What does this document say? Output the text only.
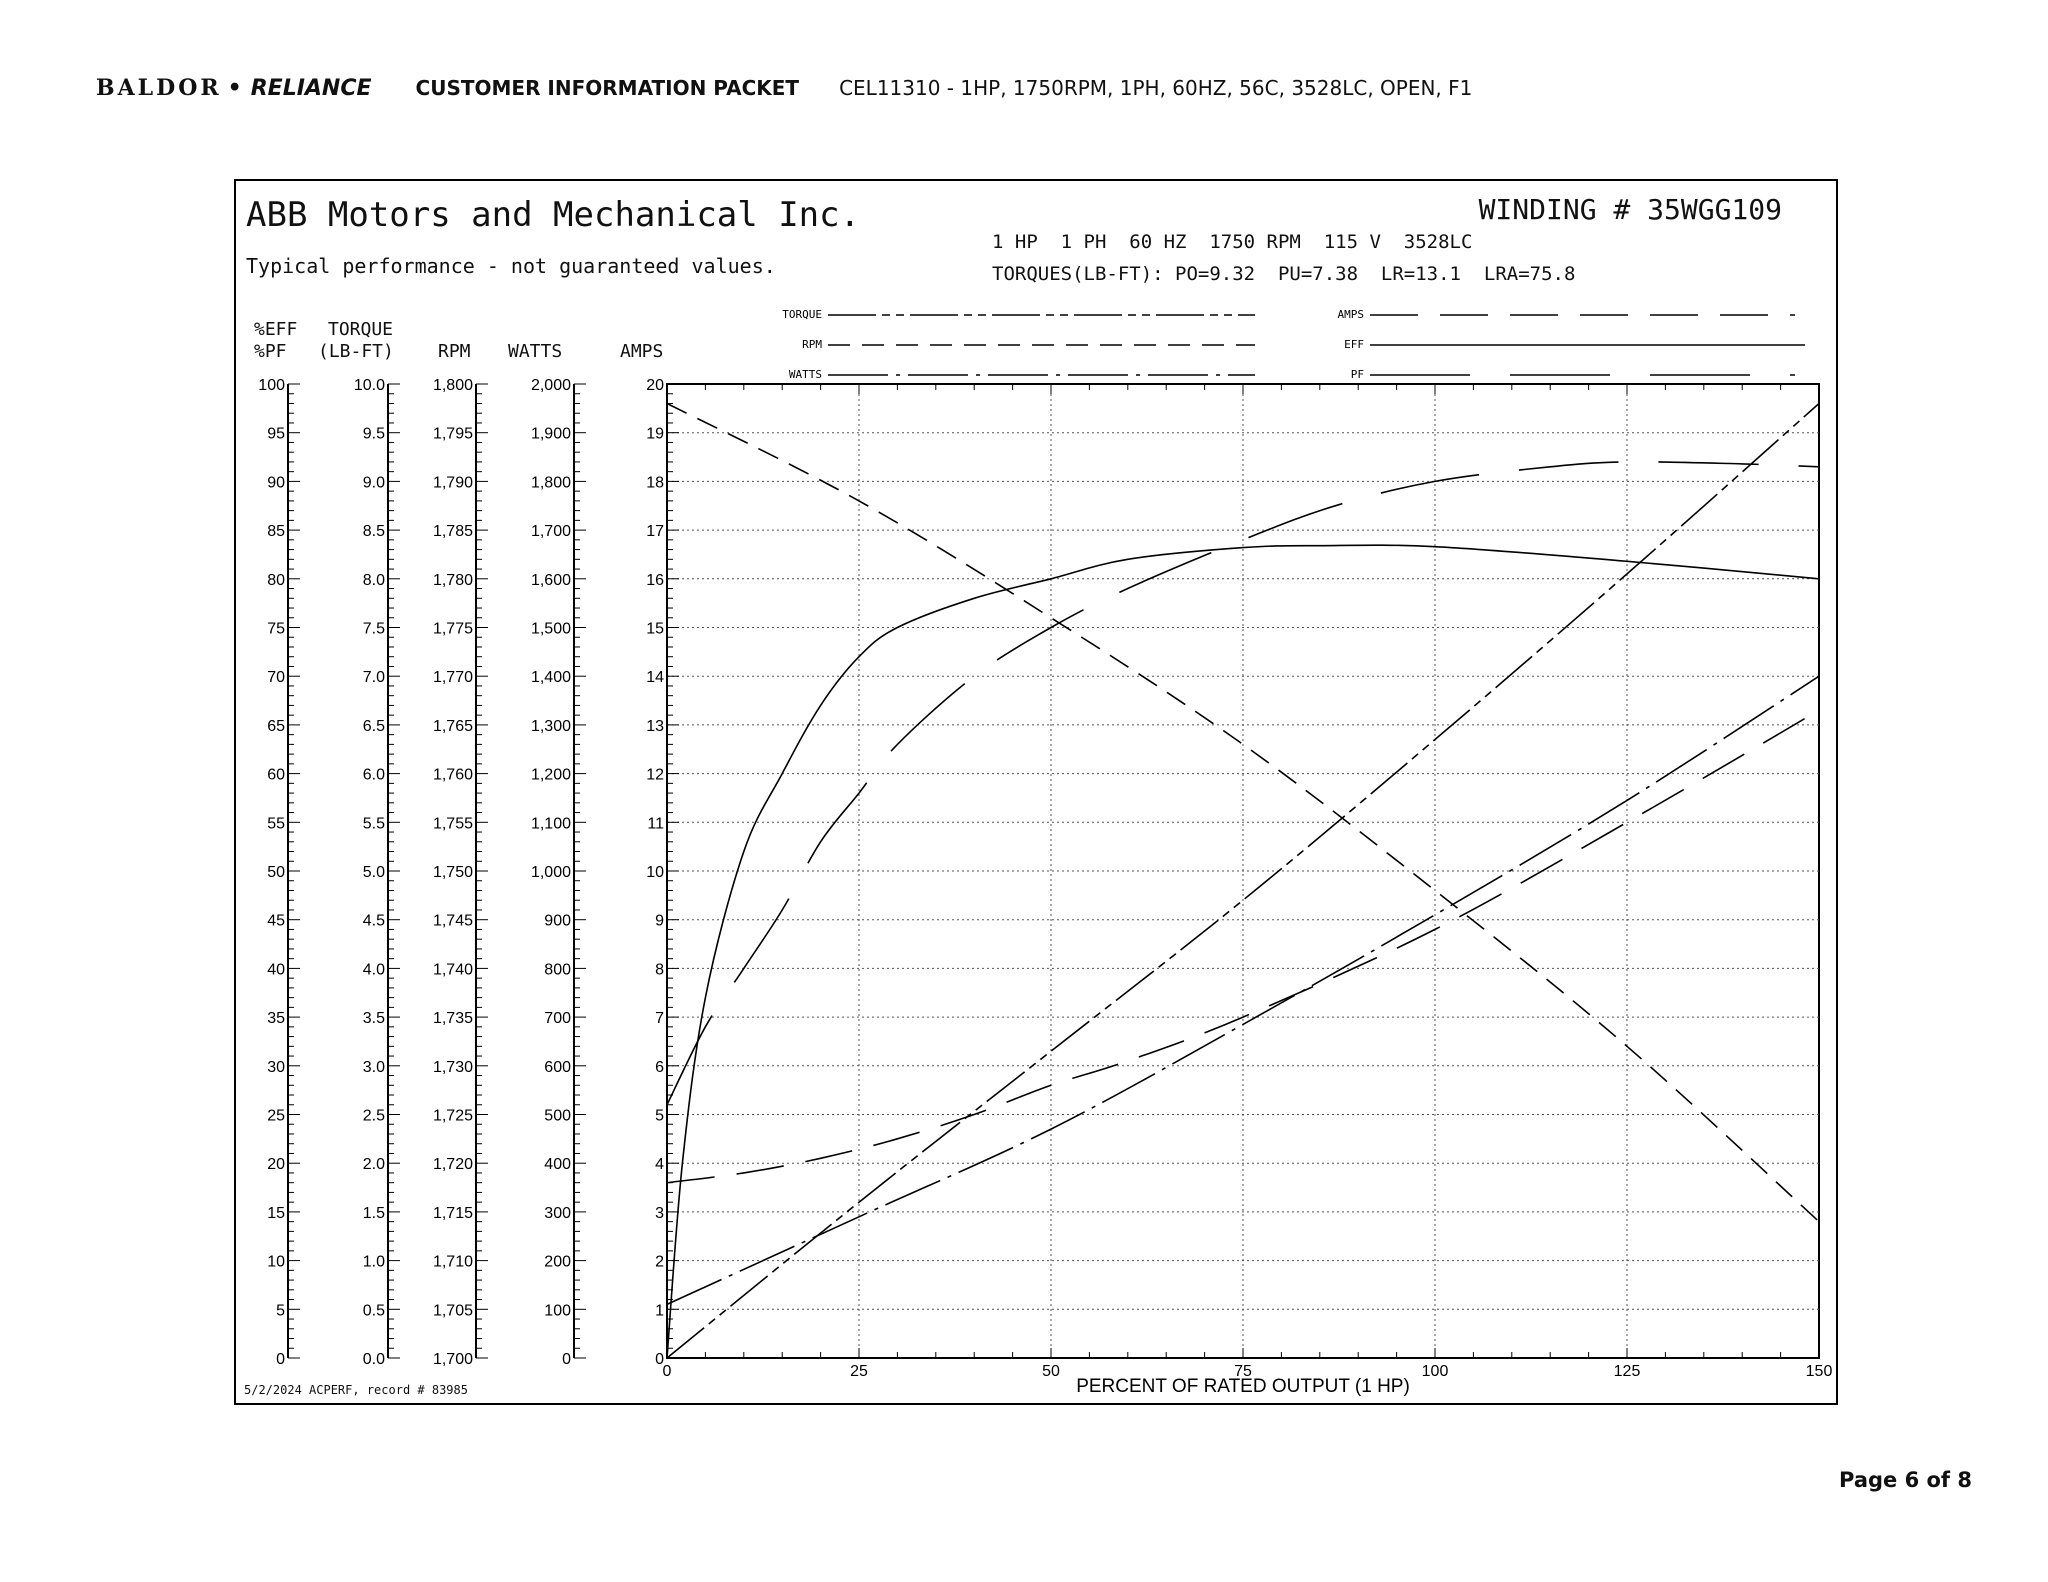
BALDOR • RELIANCE CUSTOMER INFORMATION PACKET CEL11310 - 1HP, 1750RPM, 1PH, 60HZ, 56C, 3528LC, OPEN, F1
ABB Motors and Mechanical Inc.
Typical performance - not guaranteed values.
WINDING # 35WGG109
1 HP  1 PH  60 HZ  1750 RPM  115 V  3528LC
TORQUES(LB-FT): PO=9.32  PU=7.38  LR=13.1  LRA=75.8
%EFF
%PF
TORQUE
(LB-FT) RPM WATTS	AMPS
5/2/2024 ACPERF, record # 83985
0	25	50	75	100	125	150
PERCENT OF RATED OUTPUT (1 HP)
0
5
10
15
20
25
30
35
40
45
50
55
60
65
70
75
80
85
90
95
100
0.0
0.5
1.0
1.5
2.0
2.5
3.0
3.5
4.0
4.5
5.0
5.5
6.0
6.5
7.0
7.5
8.0
8.5
9.0
9.5
10.0
1,700
1,705
1,710
1,715
1,720
1,725
1,730
1,735
1,740
1,745
1,750
1,755
1,760
1,765
1,770
1,775
1,780
1,785
1,790
1,795
1,800
0
100
200
300
400
500
600
700
800
900
1,000
1,100
1,200
1,300
1,400
1,500
1,600
1,700
1,800
1,900
2,000
0
1
2
3
4
5
6
7
8
9
10
11
12
13
14
15
16
17
18
19
20
TORQUE
RPM
WATTS
AMPS
EFF
PF
Page 6 of 8
